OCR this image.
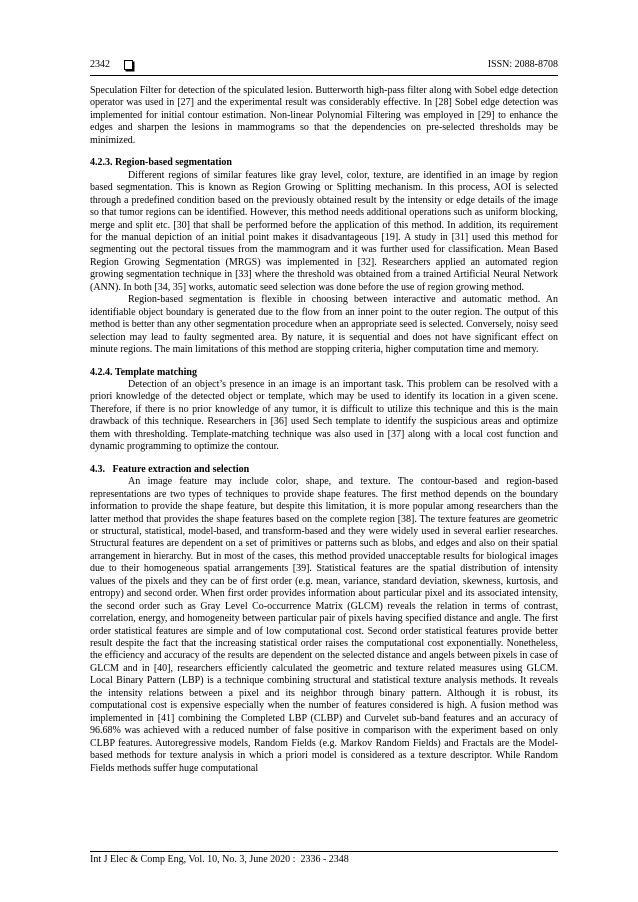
2342	ISSN: 2088-8708

Speculation Filter for detection of the spiculated lesion. Butterworth high-pass filter along with Sobel edge detection operator was used in [27] and the experimental result was considerably effective. In [28] Sobel edge detection was implemented for initial contour estimation. Non-linear Polynomial Filtering was employed in [29] to enhance the edges and sharpen the lesions in mammograms so that the dependencies on pre-selected thresholds may be minimized.

4.2.3. Region-based segmentation

Different regions of similar features like gray level, color, texture, are identified in an image by region based segmentation. This is known as Region Growing or Splitting mechanism. In this process, AOI is selected through a predefined condition based on the previously obtained result by the intensity or edge details of the image so that tumor regions can be identified. However, this method needs additional operations such as uniform blocking, merge and split etc. [30] that shall be performed before the application of this method. In addition, its requirement for the manual depiction of an initial point makes it disadvantageous [19]. A study in [31] used this method for segmenting out the pectoral tissues from the mammogram and it was further used for classification. Mean Based Region Growing Segmentation (MRGS) was implemented in [32]. Researchers applied an automated region growing segmentation technique in [33] where the threshold was obtained from a trained Artificial Neural Network (ANN). In both [34, 35] works, automatic seed selection was done before the use of region growing method.

Region-based segmentation is flexible in choosing between interactive and automatic method. An identifiable object boundary is generated due to the flow from an inner point to the outer region. The output of this method is better than any other segmentation procedure when an appropriate seed is selected. Conversely, noisy seed selection may lead to faulty segmented area. By nature, it is sequential and does not have significant effect on minute regions. The main limitations of this method are stopping criteria, higher computation time and memory.

4.2.4. Template matching

Detection of an object’s presence in an image is an important task. This problem can be resolved with a priori knowledge of the detected object or template, which may be used to identify its location in a given scene. Therefore, if there is no prior knowledge of any tumor, it is difficult to utilize this technique and this is the main drawback of this technique. Researchers in [36] used Sech template to identify the suspicious areas and optimize them with thresholding. Template-matching technique was also used in [37] along with a local cost function and dynamic programming to optimize the contour.

4.3.   Feature extraction and selection

An image feature may include color, shape, and texture. The contour-based and region-based representations are two types of techniques to provide shape features. The first method depends on the boundary information to provide the shape feature, but despite this limitation, it is more popular among researchers than the latter method that provides the shape features based on the complete region [38]. The texture features are geometric or structural, statistical, model-based, and transform-based and they were widely used in several earlier researches. Structural features are dependent on a set of primitives or patterns such as blobs, and edges and also on their spatial arrangement in hierarchy. But in most of the cases, this method provided unacceptable results for biological images due to their homogeneous spatial arrangements [39]. Statistical features are the spatial distribution of intensity values of the pixels and they can be of first order (e.g. mean, variance, standard deviation, skewness, kurtosis, and entropy) and second order. When first order provides information about particular pixel and its associated intensity, the second order such as Gray Level Co-occurrence Matrix (GLCM) reveals the relation in terms of contrast, correlation, energy, and homogeneity between particular pair of pixels having specified distance and angle. The first order statistical features are simple and of low computational cost. Second order statistical features provide better result despite the fact that the increasing statistical order raises the computational cost exponentially. Nonetheless, the efficiency and accuracy of the results are dependent on the selected distance and angels between pixels in case of GLCM and in [40], researchers efficiently calculated the geometric and texture related measures using GLCM. Local Binary Pattern (LBP) is a technique combining structural and statistical texture analysis methods. It reveals the intensity relations between a pixel and its neighbor through binary pattern. Although it is robust, its computational cost is expensive especially when the number of features considered is high. A fusion method was implemented in [41] combining the Completed LBP (CLBP) and Curvelet sub-band features and an accuracy of 96.68% was achieved with a reduced number of false positive in comparison with the experiment based on only CLBP features. Autoregressive models, Random Fields (e.g. Markov Random Fields) and Fractals are the Model-based methods for texture analysis in which a priori model is considered as a texture descriptor. While Random Fields methods suffer huge computational

Int J Elec & Comp Eng, Vol. 10, No. 3, June 2020 :  2336 - 2348
